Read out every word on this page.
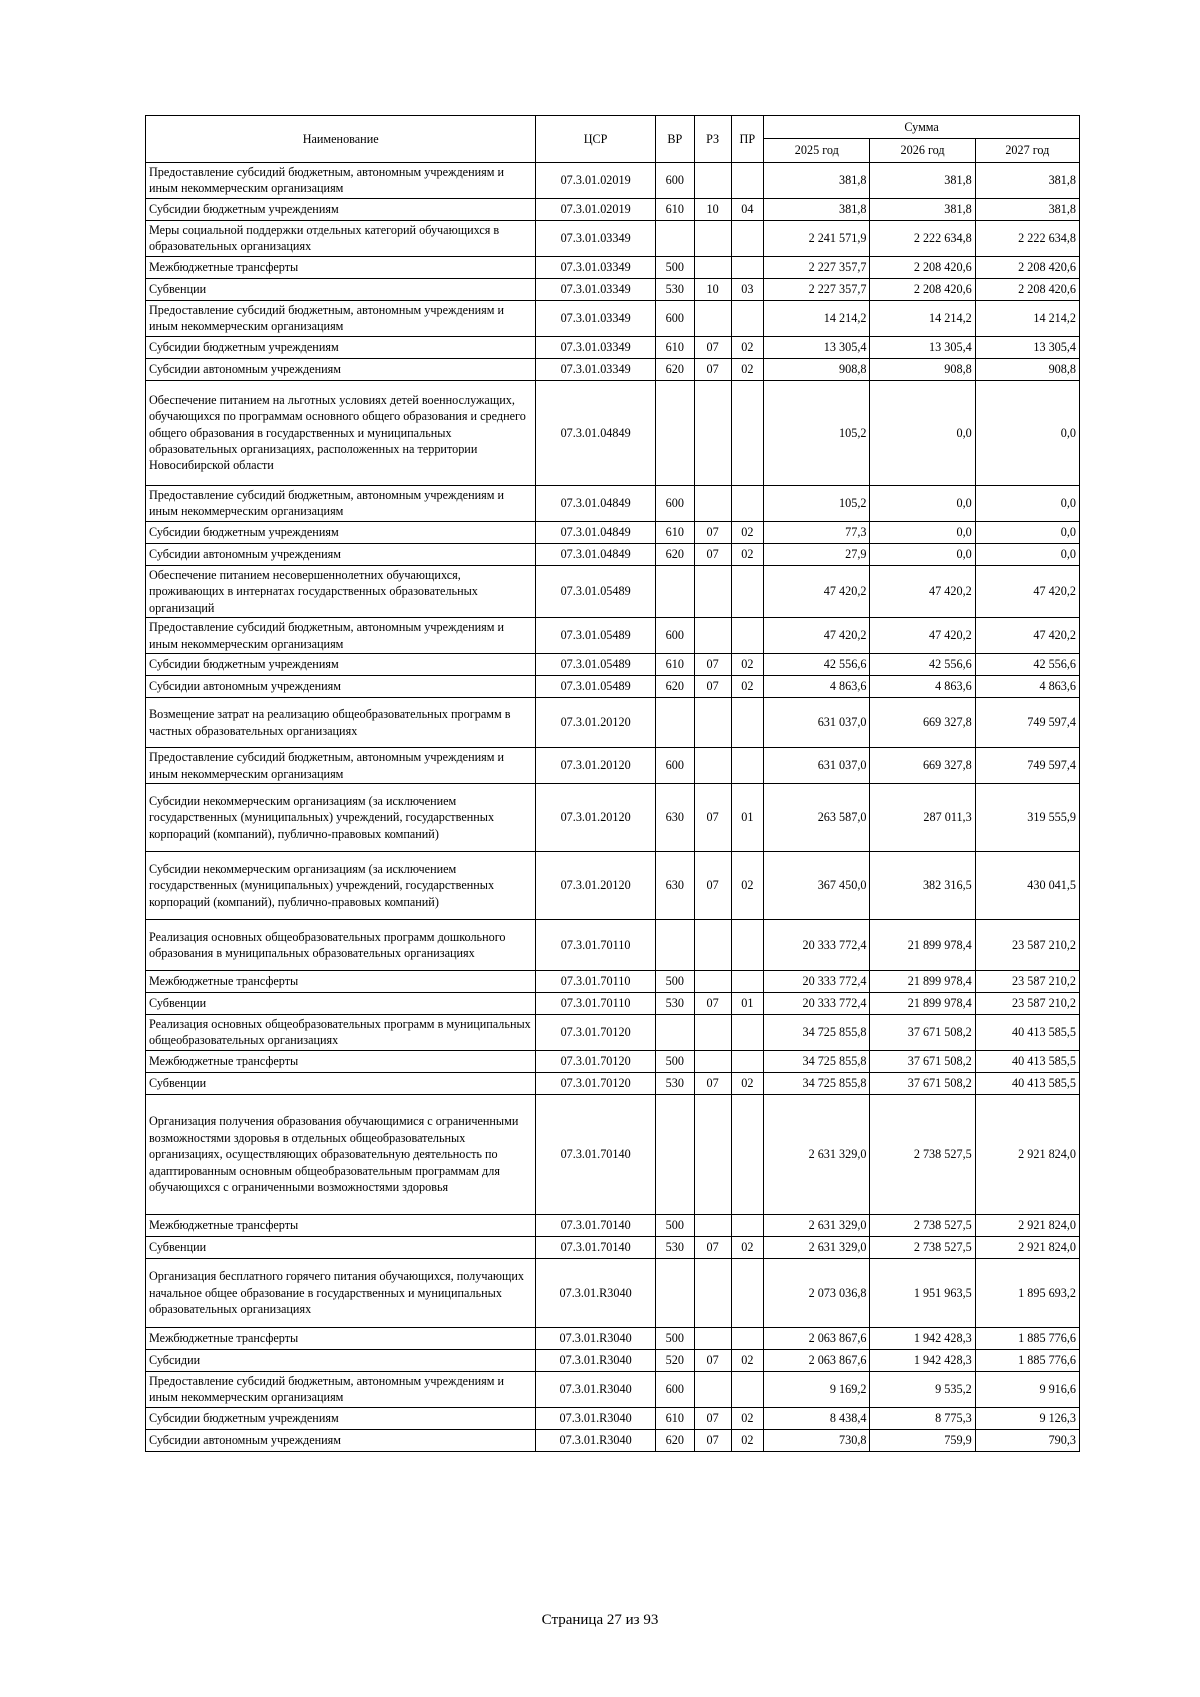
Наименование	ЦСР	ВР	РЗ	ПР	Сумма		
					2025 год	2026 год	2027 год
Предоставление субсидий бюджетным, автономным учреждениям и иным некоммерческим организациям	07.3.01.02019	600			381,8	381,8	381,8
Субсидии бюджетным учреждениям	07.3.01.02019	610	10	04	381,8	381,8	381,8
Меры социальной поддержки отдельных категорий обучающихся в образовательных организациях	07.3.01.03349				2 241 571,9	2 222 634,8	2 222 634,8
Межбюджетные трансферты	07.3.01.03349	500			2 227 357,7	2 208 420,6	2 208 420,6
Субвенции	07.3.01.03349	530	10	03	2 227 357,7	2 208 420,6	2 208 420,6
Предоставление субсидий бюджетным, автономным учреждениям и иным некоммерческим организациям	07.3.01.03349	600			14 214,2	14 214,2	14 214,2
Субсидии бюджетным учреждениям	07.3.01.03349	610	07	02	13 305,4	13 305,4	13 305,4
Субсидии автономным учреждениям	07.3.01.03349	620	07	02	908,8	908,8	908,8
Обеспечение питанием на льготных условиях детей военнослужащих, обучающихся по программам основного общего образования и среднего общего образования в государственных и муниципальных образовательных организациях, расположенных на территории Новосибирской области	07.3.01.04849				105,2	0,0	0,0
Предоставление субсидий бюджетным, автономным учреждениям и иным некоммерческим организациям	07.3.01.04849	600			105,2	0,0	0,0
Субсидии бюджетным учреждениям	07.3.01.04849	610	07	02	77,3	0,0	0,0
Субсидии автономным учреждениям	07.3.01.04849	620	07	02	27,9	0,0	0,0
Обеспечение питанием несовершеннолетних обучающихся, проживающих в интернатах государственных образовательных организаций	07.3.01.05489				47 420,2	47 420,2	47 420,2
Предоставление субсидий бюджетным, автономным учреждениям и иным некоммерческим организациям	07.3.01.05489	600			47 420,2	47 420,2	47 420,2
Субсидии бюджетным учреждениям	07.3.01.05489	610	07	02	42 556,6	42 556,6	42 556,6
Субсидии автономным учреждениям	07.3.01.05489	620	07	02	4 863,6	4 863,6	4 863,6
Возмещение затрат на реализацию общеобразовательных программ в частных образовательных организациях	07.3.01.20120				631 037,0	669 327,8	749 597,4
Предоставление субсидий бюджетным, автономным учреждениям и иным некоммерческим организациям	07.3.01.20120	600			631 037,0	669 327,8	749 597,4
Субсидии некоммерческим организациям (за исключением государственных (муниципальных) учреждений, государственных корпораций (компаний), публично-правовых компаний)	07.3.01.20120	630	07	01	263 587,0	287 011,3	319 555,9
Субсидии некоммерческим организациям (за исключением государственных (муниципальных) учреждений, государственных корпораций (компаний), публично-правовых компаний)	07.3.01.20120	630	07	02	367 450,0	382 316,5	430 041,5
Реализация основных общеобразовательных программ дошкольного образования в муниципальных образовательных организациях	07.3.01.70110				20 333 772,4	21 899 978,4	23 587 210,2
Межбюджетные трансферты	07.3.01.70110	500			20 333 772,4	21 899 978,4	23 587 210,2
Субвенции	07.3.01.70110	530	07	01	20 333 772,4	21 899 978,4	23 587 210,2
Реализация основных общеобразовательных программ в муниципальных общеобразовательных организациях	07.3.01.70120				34 725 855,8	37 671 508,2	40 413 585,5
Межбюджетные трансферты	07.3.01.70120	500			34 725 855,8	37 671 508,2	40 413 585,5
Субвенции	07.3.01.70120	530	07	02	34 725 855,8	37 671 508,2	40 413 585,5
Организация получения образования обучающимися с ограниченными возможностями здоровья в отдельных общеобразовательных организациях, осуществляющих образовательную деятельность по адаптированным основным общеобразовательным программам для обучающихся с ограниченными возможностями здоровья	07.3.01.70140				2 631 329,0	2 738 527,5	2 921 824,0
Межбюджетные трансферты	07.3.01.70140	500			2 631 329,0	2 738 527,5	2 921 824,0
Субвенции	07.3.01.70140	530	07	02	2 631 329,0	2 738 527,5	2 921 824,0
Организация бесплатного горячего питания обучающихся, получающих начальное общее образование в государственных и муниципальных образовательных организациях	07.3.01.R3040				2 073 036,8	1 951 963,5	1 895 693,2
Межбюджетные трансферты	07.3.01.R3040	500			2 063 867,6	1 942 428,3	1 885 776,6
Субсидии	07.3.01.R3040	520	07	02	2 063 867,6	1 942 428,3	1 885 776,6
Предоставление субсидий бюджетным, автономным учреждениям и иным некоммерческим организациям	07.3.01.R3040	600			9 169,2	9 535,2	9 916,6
Субсидии бюджетным учреждениям	07.3.01.R3040	610	07	02	8 438,4	8 775,3	9 126,3
Субсидии автономным учреждениям	07.3.01.R3040	620	07	02	730,8	759,9	790,3
Страница 27 из 93
